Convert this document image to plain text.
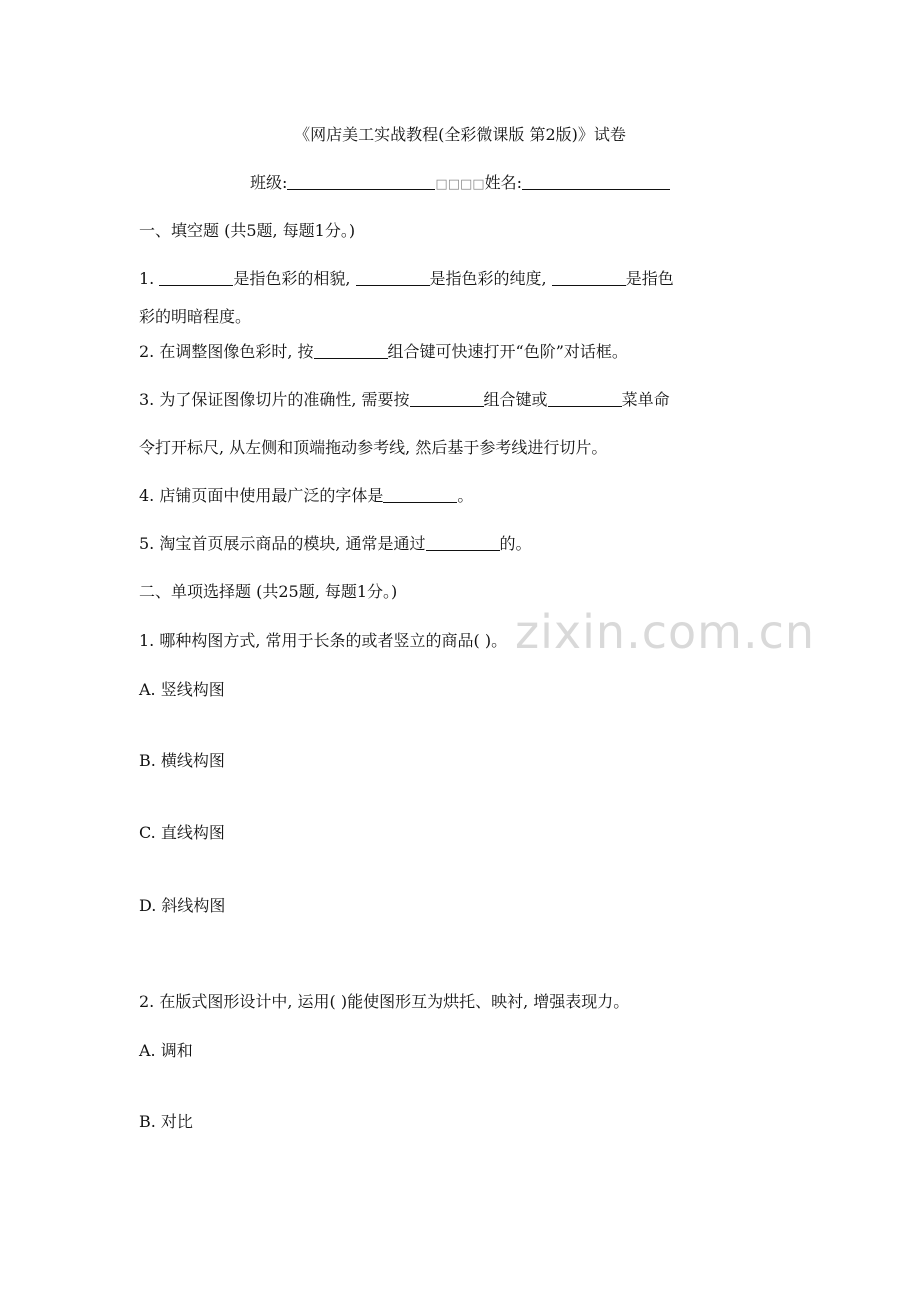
zixin.com.cn
《网店美工实战教程(全彩微课版 第2版)》试卷
班级:	□□□□姓名:
一、填空题 (共5题, 每题1分。)
1.	是指色彩的相貌,	是指色彩的纯度,	是指色
彩的明暗程度。
2. 在调整图像色彩时, 按	组合键可快速打开“色阶”对话框。
3. 为了保证图像切片的准确性, 需要按	组合键或	菜单命
令打开标尺, 从左侧和顶端拖动参考线, 然后基于参考线进行切片。
4. 店铺页面中使用最广泛的字体是	。
5. 淘宝首页展示商品的模块, 通常是通过	的。
二、单项选择题 (共25题, 每题1分。)
1. 哪种构图方式, 常用于长条的或者竖立的商品( )。
A. 竖线构图
B. 横线构图
C. 直线构图
D. 斜线构图
2. 在版式图形设计中, 运用( )能使图形互为烘托、映衬, 增强表现力。
A. 调和
B. 对比
